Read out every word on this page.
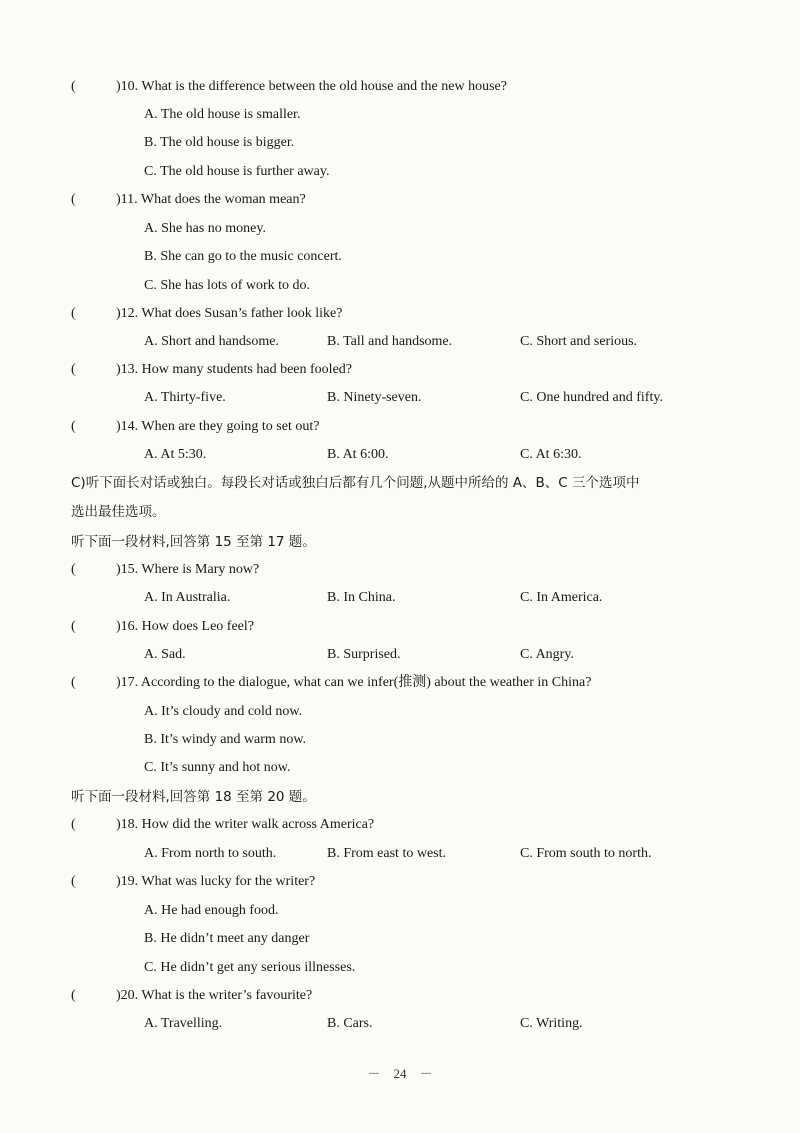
(	)10. What is the difference between the old house and the new house?
A. The old house is smaller.
B. The old house is bigger.
C. The old house is further away.
(	)11. What does the woman mean?
A. She has no money.
B. She can go to the music concert.
C. She has lots of work to do.
(	)12. What does Susan’s father look like?
A. Short and handsome.	B. Tall and handsome.	C. Short and serious.
(	)13. How many students had been fooled?
A. Thirty-five.	B. Ninety-seven.	C. One hundred and fifty.
(	)14. When are they going to set out?
A. At 5:30.	B. At 6:00.	C. At 6:30.
C)听下面长对话或独白。每段长对话或独白后都有几个问题,从题中所给的 A、B、C 三个选项中
选出最佳选项。
听下面一段材料,回答第 15 至第 17 题。
(	)15. Where is Mary now?
A. In Australia.	B. In China.	C. In America.
(	)16. How does Leo feel?
A. Sad.	B. Surprised.	C. Angry.
(	)17. According to the dialogue, what can we infer(推测) about the weather in China?
A. It’s cloudy and cold now.
B. It’s windy and warm now.
C. It’s sunny and hot now.
听下面一段材料,回答第 18 至第 20 题。
(	)18. How did the writer walk across America?
A. From north to south.	B. From east to west.	C. From south to north.
(	)19. What was lucky for the writer?
A. He had enough food.
B. He didn’t meet any danger
C. He didn’t get any serious illnesses.
(	)20. What is the writer’s favourite?
A. Travelling.	B. Cars.	C. Writing.
－　24　－
